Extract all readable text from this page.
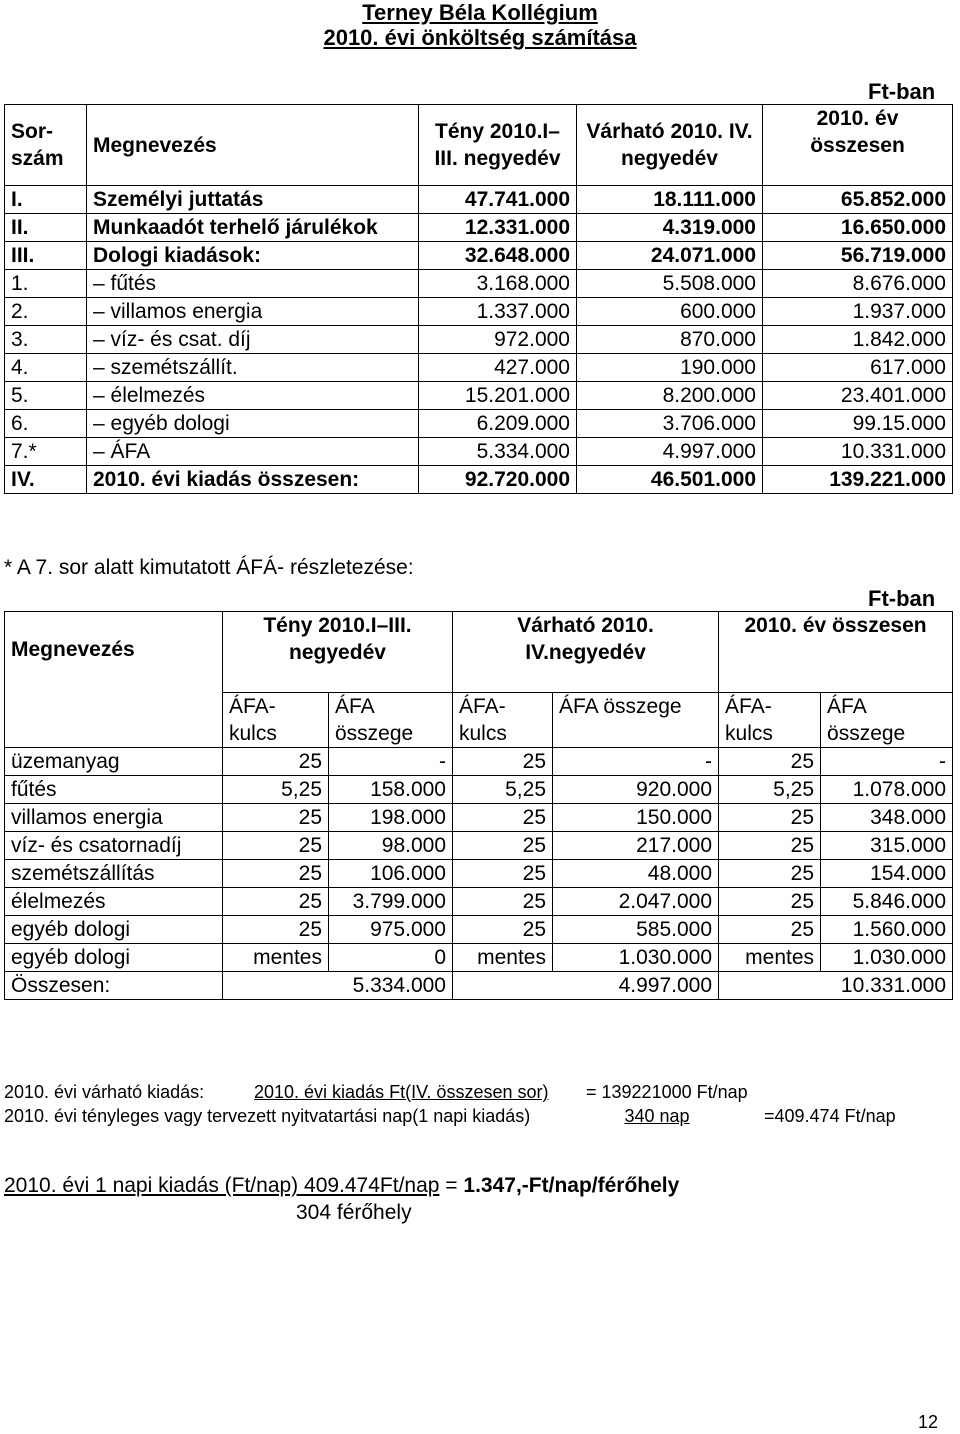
Terney Béla Kollégium
2010. évi önköltség számítása
Ft-ban
Sor- szám	Megnevezés	Tény 2010.I–III. negyedév	Várható 2010. IV. negyedév	2010. év összesen
I.	Személyi juttatás	47.741.000	18.111.000	65.852.000
II.	Munkaadót terhelő járulékok	12.331.000	4.319.000	16.650.000
III.	Dologi kiadások:	32.648.000	24.071.000	56.719.000
1.	– fűtés	3.168.000	5.508.000	8.676.000
2.	– villamos energia	1.337.000	600.000	1.937.000
3.	– víz- és csat. díj	972.000	870.000	1.842.000
4.	– szemétszállít.	427.000	190.000	617.000
5.	– élelmezés	15.201.000	8.200.000	23.401.000
6.	– egyéb dologi	6.209.000	3.706.000	99.15.000
7.*	– ÁFA	5.334.000	4.997.000	10.331.000
IV.	2010. évi kiadás összesen:	92.720.000	46.501.000	139.221.000
* A 7. sor alatt kimutatott ÁFÁ- részletezése:
Ft-ban
Megnevezés	Tény 2010.I–III. negyedév		Várható 2010. IV.negyedév		2010. év összesen	
	ÁFA- kulcs	ÁFA összege	ÁFA- kulcs	ÁFA összege	ÁFA- kulcs	ÁFA összege
üzemanyag	25	-	25	-	25	-
fűtés	5,25	158.000	5,25	920.000	5,25	1.078.000
villamos energia	25	198.000	25	150.000	25	348.000
víz- és csatornadíj	25	98.000	25	217.000	25	315.000
szemétszállítás	25	106.000	25	48.000	25	154.000
élelmezés	25	3.799.000	25	2.047.000	25	5.846.000
egyéb dologi	25	975.000	25	585.000	25	1.560.000
egyéb dologi	mentes	0	mentes	1.030.000	mentes	1.030.000
Összesen:	5.334.000		4.997.000		10.331.000	
2010. évi várható kiadás:	2010. évi kiadás Ft(IV. összesen sor) = 139221000 Ft/nap
2010. évi tényleges vagy tervezett nyitvatartási nap(1 napi kiadás)	340 nap	=409.474 Ft/nap
2010. évi 1 napi kiadás (Ft/nap) 409.474Ft/nap = 1.347,-Ft/nap/férőhely
304 férőhely
12
